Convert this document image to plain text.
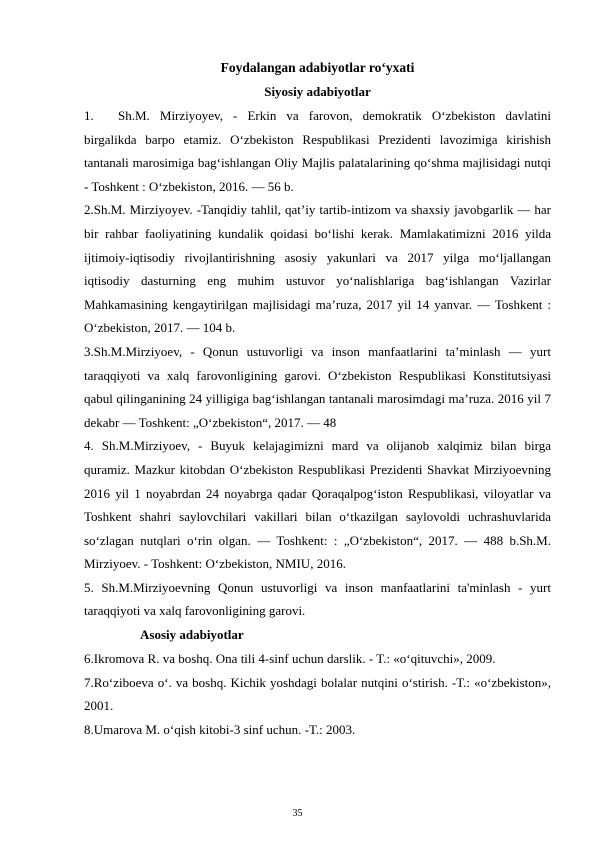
Foydalangan adabiyotlar ro‘yxati

Siyosiy adabiyotlar

1. Sh.M. Mirziyoyev, - Erkin va farovon, demokratik O‘zbekiston davlatini birgalikda barpo etamiz. O‘zbekiston Respublikasi Prezidenti lavozimiga kirishish tantanali marosimiga bag‘ishlangan Oliy Majlis palatalarining qo‘shma majlisidagi nutqi - Toshkent : O‘zbekiston, 2016. — 56 b.

2.Sh.M. Mirziyoyev. -Tanqidiy tahlil, qat’iy tartib-intizom va shaxsiy javobgarlik — har bir rahbar faoliyatining kundalik qoidasi bo‘lishi kerak. Mamlakatimizni 2016 yilda ijtimoiy-iqtisodiy rivojlantirishning asosiy yakunlari va 2017 yilga mo‘ljallangan iqtisodiy dasturning eng muhim ustuvor yo‘nalishlariga bag‘ishlangan Vazirlar Mahkamasining kengaytirilgan majlisidagi ma’ruza, 2017 yil 14 yanvar. — Toshkent : O‘zbekiston, 2017. — 104 b.

3.Sh.M.Mirziyoev, - Qonun ustuvorligi va inson manfaatlarini ta’minlash — yurt taraqqiyoti va xalq farovonligining garovi. O‘zbekiston Respublikasi Konstitutsiyasi qabul qilinganining 24 yilligiga bag‘ishlangan tantanali marosimdagi ma’ruza. 2016 yil 7 dekabr — Toshkent: „O‘zbekiston“, 2017. — 48

4. Sh.M.Mirziyoev, - Buyuk kelajagimizni mard va olijanob xalqimiz bilan birga quramiz. Mazkur kitobdan O‘zbekiston Respublikasi Prezidenti Shavkat Mirziyoevning 2016 yil 1 noyabrdan 24 noyabrga qadar Qoraqalpog‘iston Respublikasi, viloyatlar va Toshkent shahri saylovchilari vakillari bilan o‘tkazilgan saylovoldi uchrashuvlarida so‘zlagan nutqlari o‘rin olgan. — Toshkent: : „O‘zbekiston“, 2017. — 488 b.Sh.M. Mirziyoev. - Toshkent: O‘zbekiston, NMIU, 2016.

5. Sh.M.Mirziyoevning Qonun ustuvorligi va inson manfaatlarini ta'minlash - yurt taraqqiyoti va xalq farovonligining garovi.

Asosiy adabiyotlar

6.Ikromova R. va boshq. Ona tili 4-sinf uchun darslik. - T.: «o‘qituvchi», 2009.

7.Ro‘ziboeva o‘. va boshq. Kichik yoshdagi bolalar nutqini o‘stirish. -T.: «o‘zbekiston», 2001.

8.Umarova M. o‘qish kitobi-3 sinf uchun. -T.: 2003.

35
